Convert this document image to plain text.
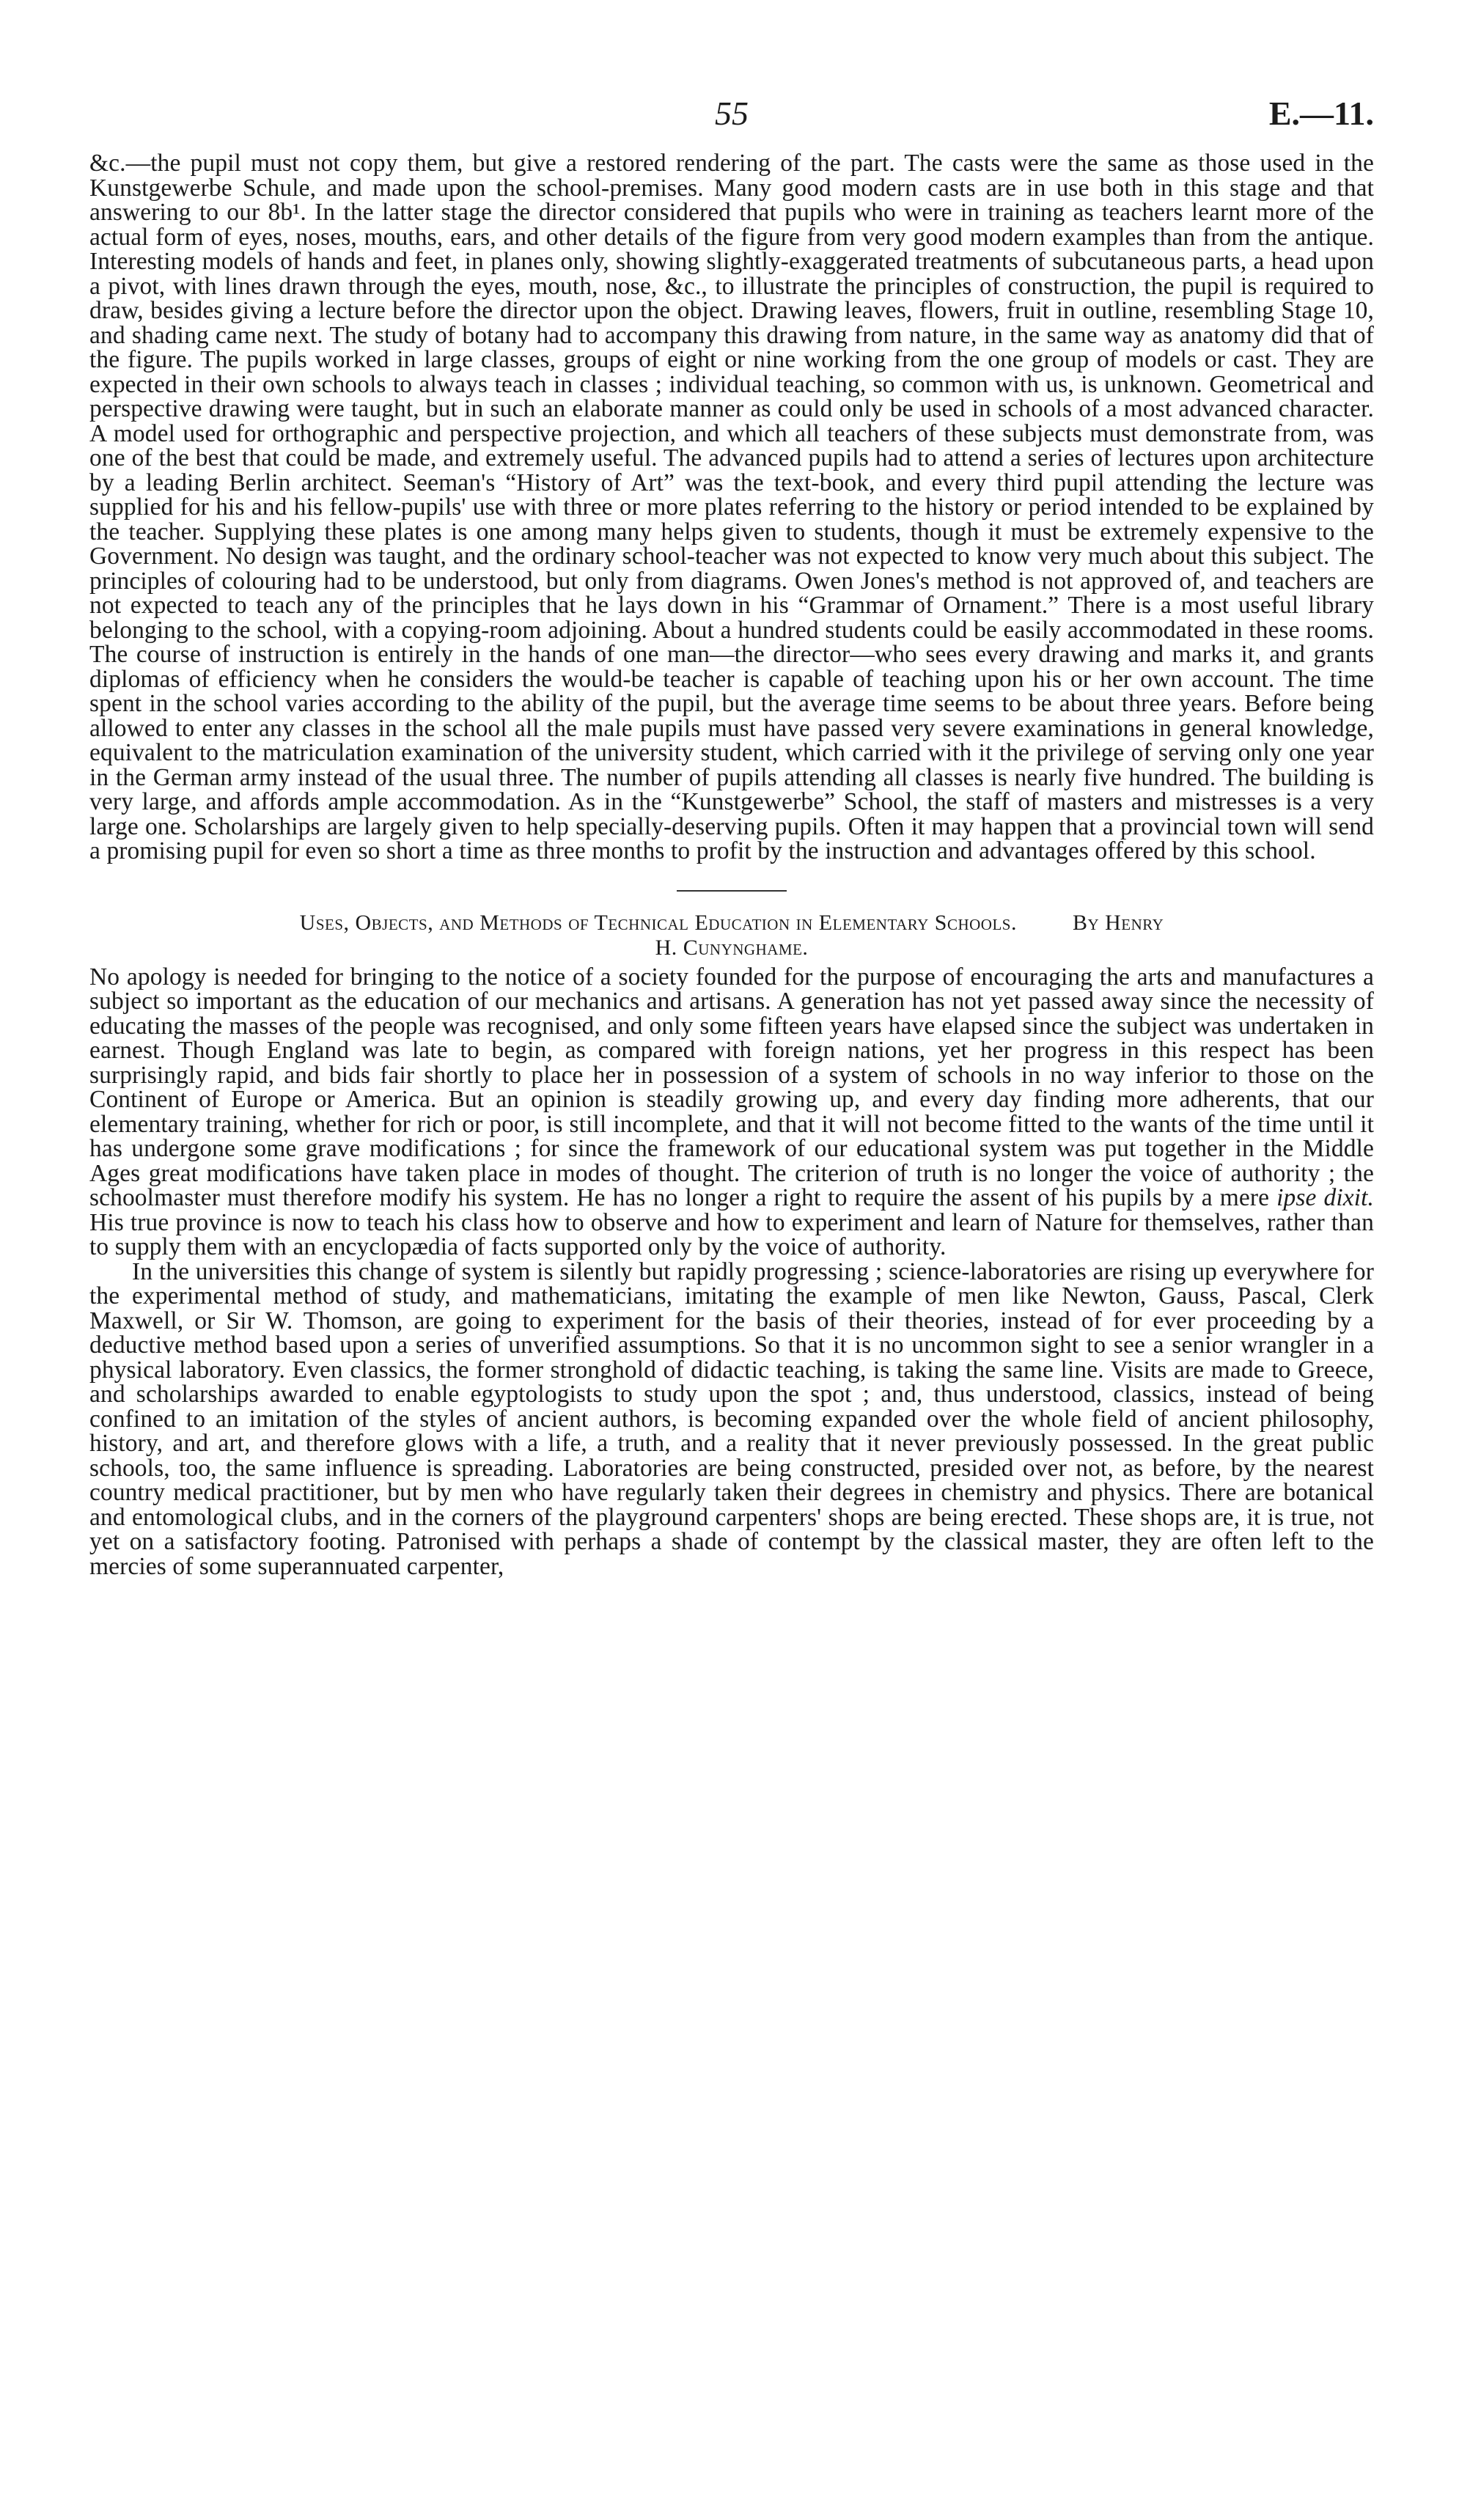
55	E.—11.

&c.—the pupil must not copy them, but give a restored rendering of the part. The casts were the same as those used in the Kunstgewerbe Schule, and made upon the school-premises. Many good modern casts are in use both in this stage and that answering to our 8b¹. In the latter stage the director considered that pupils who were in training as teachers learnt more of the actual form of eyes, noses, mouths, ears, and other details of the figure from very good modern examples than from the antique. Interesting models of hands and feet, in planes only, showing slightly-exaggerated treatments of subcutaneous parts, a head upon a pivot, with lines drawn through the eyes, mouth, nose, &c., to illustrate the principles of construction, the pupil is required to draw, besides giving a lecture before the director upon the object. Drawing leaves, flowers, fruit in outline, resembling Stage 10, and shading came next. The study of botany had to accompany this drawing from nature, in the same way as anatomy did that of the figure. The pupils worked in large classes, groups of eight or nine working from the one group of models or cast. They are expected in their own schools to always teach in classes ; individual teaching, so common with us, is unknown. Geometrical and perspective drawing were taught, but in such an elaborate manner as could only be used in schools of a most advanced character. A model used for orthographic and perspective projection, and which all teachers of these subjects must demonstrate from, was one of the best that could be made, and extremely useful. The advanced pupils had to attend a series of lectures upon architecture by a leading Berlin architect. Seeman's “History of Art” was the text-book, and every third pupil attending the lecture was supplied for his and his fellow-pupils' use with three or more plates referring to the history or period intended to be explained by the teacher. Supplying these plates is one among many helps given to students, though it must be extremely expensive to the Government. No design was taught, and the ordinary school-teacher was not expected to know very much about this subject. The principles of colouring had to be understood, but only from diagrams. Owen Jones's method is not approved of, and teachers are not expected to teach any of the principles that he lays down in his “Grammar of Ornament.” There is a most useful library belonging to the school, with a copying-room adjoining. About a hundred students could be easily accommodated in these rooms. The course of instruction is entirely in the hands of one man—the director—who sees every drawing and marks it, and grants diplomas of efficiency when he considers the would-be teacher is capable of teaching upon his or her own account. The time spent in the school varies according to the ability of the pupil, but the average time seems to be about three years. Before being allowed to enter any classes in the school all the male pupils must have passed very severe examinations in general knowledge, equivalent to the matriculation examination of the university student, which carried with it the privilege of serving only one year in the German army instead of the usual three. The number of pupils attending all classes is nearly five hundred. The building is very large, and affords ample accommodation. As in the “Kunstgewerbe” School, the staff of masters and mistresses is a very large one. Scholarships are largely given to help specially-deserving pupils. Often it may happen that a provincial town will send a promising pupil for even so short a time as three months to profit by the instruction and advantages offered by this school.

Uses, Objects, and Methods of Technical Education in Elementary Schools.	By Henry
H. Cunynghame.

No apology is needed for bringing to the notice of a society founded for the purpose of encouraging the arts and manufactures a subject so important as the education of our mechanics and artisans. A generation has not yet passed away since the necessity of educating the masses of the people was recognised, and only some fifteen years have elapsed since the subject was undertaken in earnest. Though England was late to begin, as compared with foreign nations, yet her progress in this respect has been surprisingly rapid, and bids fair shortly to place her in possession of a system of schools in no way inferior to those on the Continent of Europe or America. But an opinion is steadily growing up, and every day finding more adherents, that our elementary training, whether for rich or poor, is still incomplete, and that it will not become fitted to the wants of the time until it has undergone some grave modifications ; for since the framework of our educational system was put together in the Middle Ages great modifications have taken place in modes of thought. The criterion of truth is no longer the voice of authority ; the schoolmaster must therefore modify his system. He has no longer a right to require the assent of his pupils by a mere ipse dixit. His true province is now to teach his class how to observe and how to experiment and learn of Nature for themselves, rather than to supply them with an encyclopædia of facts supported only by the voice of authority.

In the universities this change of system is silently but rapidly progressing ; science-laboratories are rising up everywhere for the experimental method of study, and mathematicians, imitating the example of men like Newton, Gauss, Pascal, Clerk Maxwell, or Sir W. Thomson, are going to experiment for the basis of their theories, instead of for ever proceeding by a deductive method based upon a series of unverified assumptions. So that it is no uncommon sight to see a senior wrangler in a physical laboratory. Even classics, the former stronghold of didactic teaching, is taking the same line. Visits are made to Greece, and scholarships awarded to enable egyptologists to study upon the spot ; and, thus understood, classics, instead of being confined to an imitation of the styles of ancient authors, is becoming expanded over the whole field of ancient philosophy, history, and art, and therefore glows with a life, a truth, and a reality that it never previously possessed. In the great public schools, too, the same influence is spreading. Laboratories are being constructed, presided over not, as before, by the nearest country medical practitioner, but by men who have regularly taken their degrees in chemistry and physics. There are botanical and entomological clubs, and in the corners of the playground carpenters' shops are being erected. These shops are, it is true, not yet on a satisfactory footing. Patronised with perhaps a shade of contempt by the classical master, they are often left to the mercies of some superannuated carpenter,
